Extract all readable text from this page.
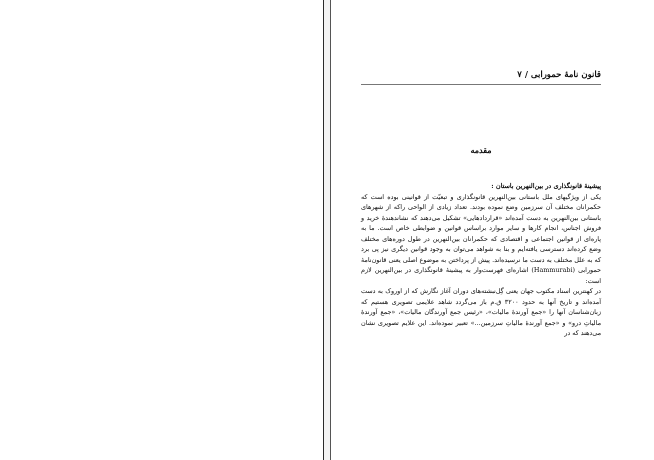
قانون نامهٔ حمورابی / ۷
مقدمه

پیشینهٔ قانونگذاری در بین‌النهرین باستان :

یکی از ویژگیهای ملل باستانی بین‌النهرین قانونگذاری و تبعیّت از قوانینی بوده است که حکمرانان مختلف آن سرزمین وضع نموده بودند. تعداد زیادی از الواحی راکه از شهرهای باستانی بین‌النهرین به دست آمده‌اند «قراردادهایی» تشکیل می‌دهند که نشاندهندهٔ خرید و فروش اجناس، انجام کارها و سایر موارد براساس قوانین و ضوابطی خاص است. ما به پاره‌ای از قوانین اجتماعی و اقتصادی که حکمرانان بین‌النهرین در طول دوره‌های مختلف وضع کرده‌اند دسترسی یافته‌ایم و بنا به شواهد می‌توان به وجود قوانین دیگری نیز پی برد که به علل مختلف به دست ما نرسیده‌اند. پیش از پرداختن به موضوع اصلی یعنی قانون‌نامهٔ حمورابی (Hammurabi) اشاره‌ای فهرست‌وار به پیشینهٔ قانونگذاری در بین‌النهرین لازم است:

در کهنترین اسناد مکتوب جهان یعنی گِل‌نبشته‌های دوران آغاز نگارش که از اوروک به دست آمده‌اند و تاریخ آنها به حدود ۳۲۰۰ ق.م باز می‌گردد شاهد علایمی تصویری هستیم که زبان‌شناسان آنها را «جمع آورندهٔ مالیات»، «رئیس جمع آورندگان مالیات»، «جمع آورندهٔ مالیاتِ درو» و «جمع آورندهٔ مالیاتِ سرزمین...» تعبیر نموده‌اند. این علایم تصویری نشان می‌دهند که در
